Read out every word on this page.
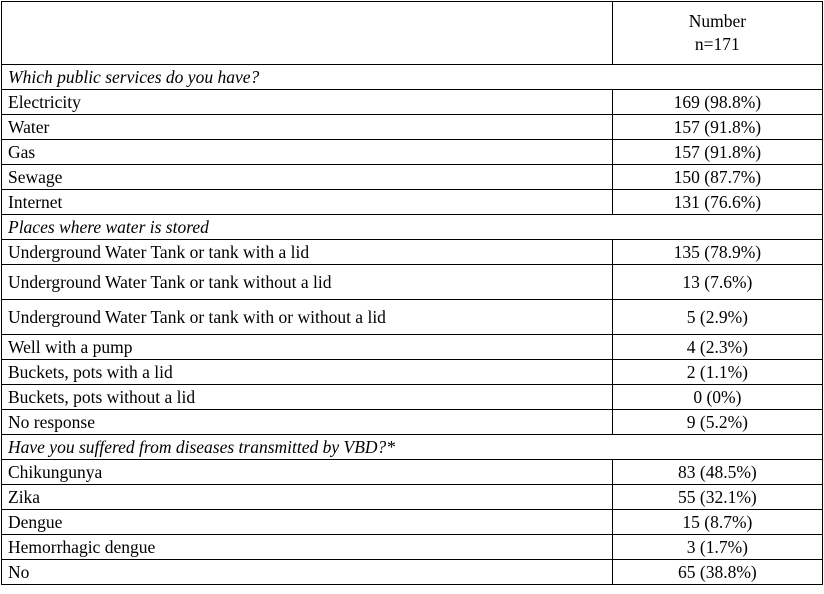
	Number
n=171
Which public services do you have?	
Electricity	169 (98.8%)
Water	157 (91.8%)
Gas	157 (91.8%)
Sewage	150 (87.7%)
Internet	131 (76.6%)
Places where water is stored	
Underground Water Tank or tank with a lid	135 (78.9%)
Underground Water Tank or tank without a lid	13 (7.6%)
Underground Water Tank or tank with or without a lid	5 (2.9%)
Well with a pump	4 (2.3%)
Buckets, pots with a lid	2 (1.1%)
Buckets, pots without a lid	0 (0%)
No response	9 (5.2%)
Have you suffered from diseases transmitted by VBD?*	
Chikungunya	83 (48.5%)
Zika	55 (32.1%)
Dengue	15 (8.7%)
Hemorrhagic dengue	3 (1.7%)
No	65 (38.8%)
